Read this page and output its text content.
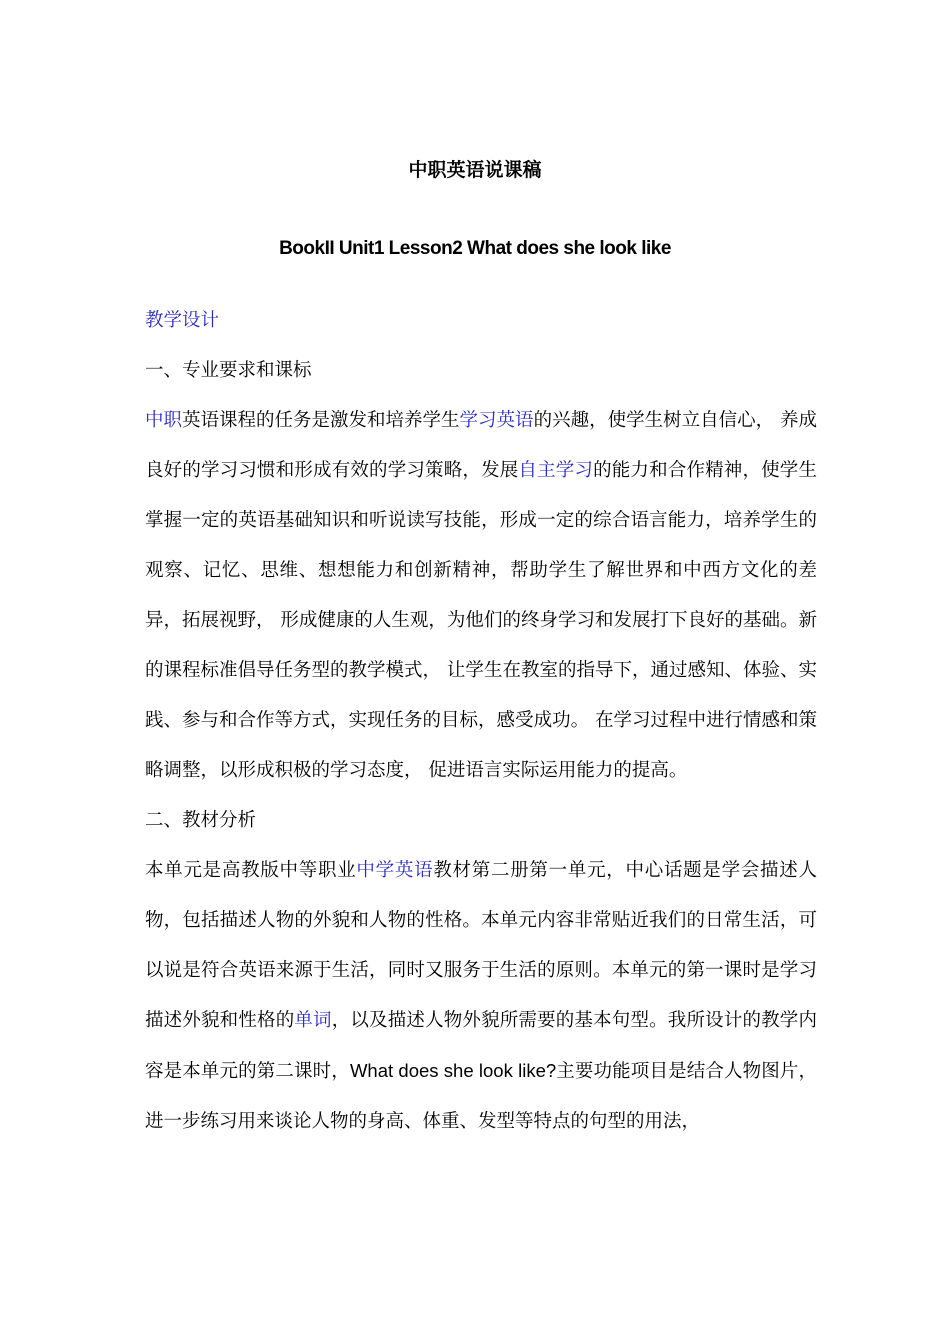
中职英语说课稿
BookII Unit1 Lesson2 What does she look like

教学设计

一、专业要求和课标

中职英语课程的任务是激发和培养学生学习英语的兴趣，使学生树立自信心， 养成良好的学习习惯和形成有效的学习策略，发展自主学习的能力和合作精神，使学生掌握一定的英语基础知识和听说读写技能，形成一定的综合语言能力，培养学生的观察、记忆、思维、想想能力和创新精神，帮助学生了解世界和中西方文化的差异，拓展视野， 形成健康的人生观，为他们的终身学习和发展打下良好的基础。新的课程标准倡导任务型的教学模式， 让学生在教室的指导下，通过感知、体验、实践、参与和合作等方式，实现任务的目标，感受成功。 在学习过程中进行情感和策略调整，以形成积极的学习态度， 促进语言实际运用能力的提高。

二、教材分析

本单元是高教版中等职业中学英语教材第二册第一单元，中心话题是学会描述人物，包括描述人物的外貌和人物的性格。本单元内容非常贴近我们的日常生活，可以说是符合英语来源于生活，同时又服务于生活的原则。本单元的第一课时是学习描述外貌和性格的单词，以及描述人物外貌所需要的基本句型。我所设计的教学内容是本单元的第二课时，What does she look like?主要功能项目是结合人物图片，进一步练习用来谈论人物的身高、体重、发型等特点的句型的用法，
